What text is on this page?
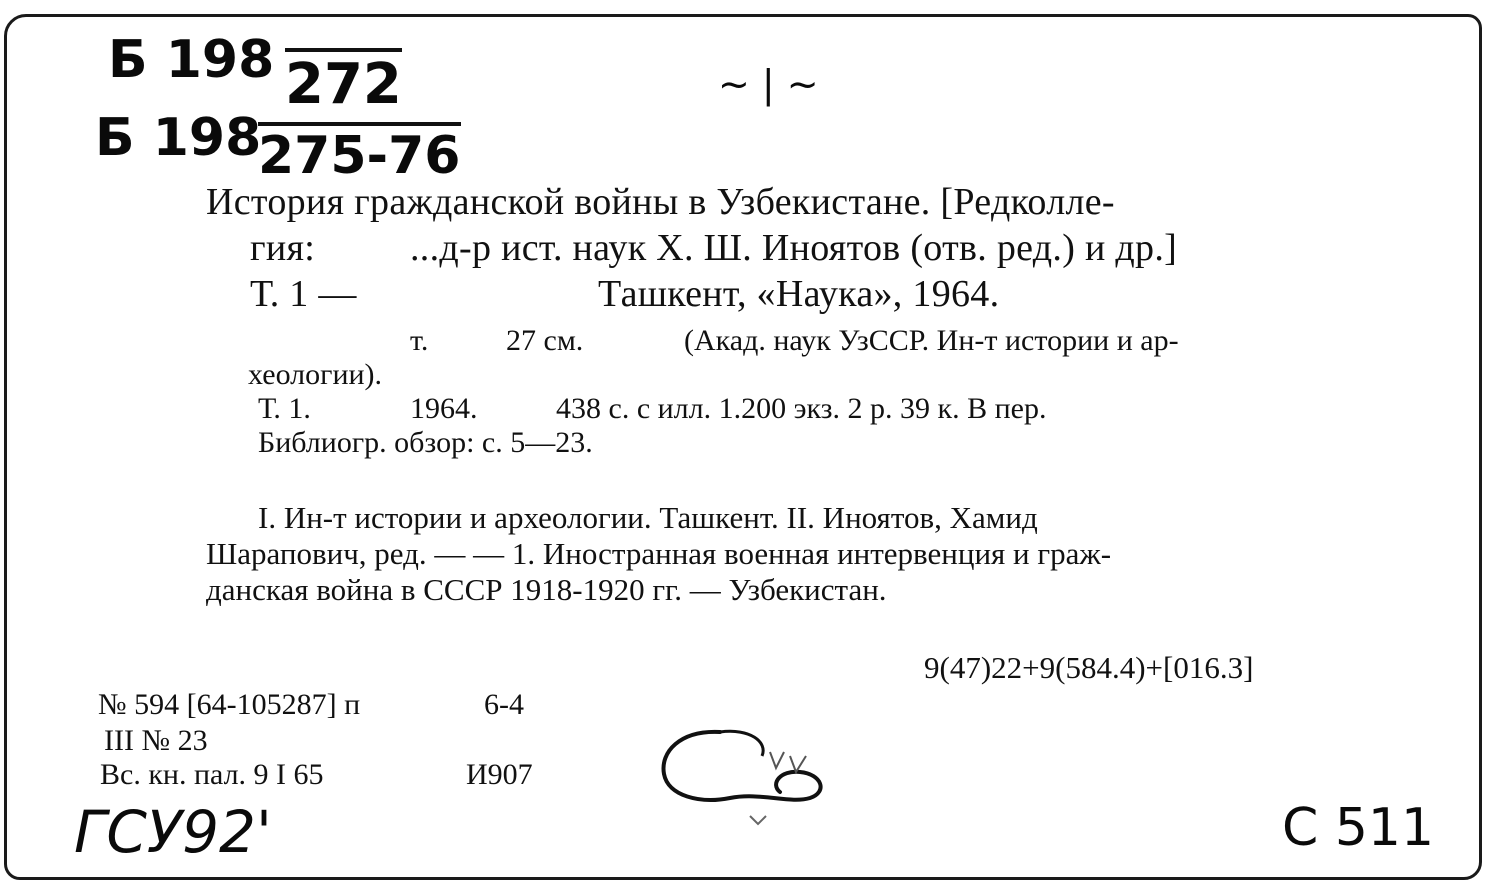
Б 198 272
Б 198
275-76
~ | ~
История гражданской войны в Узбекистане. [Редколле-
гия: ...д-р ист. наук Х. Ш. Иноятов (отв. ред.) и др.]
Т. 1 —	Ташкент, «Наука», 1964.
т.	27 см.	(Акад. наук УзССР. Ин-т истории и ар-
хеологии).
Т. 1.	1964.	438 с. с илл. 1.200 экз. 2 р. 39 к. В пер.
Библиогр. обзор: с. 5—23.
I. Ин-т истории и археологии. Ташкент. II. Иноятов, Хамид
Шарапович, ред. — — 1. Иностранная военная интервенция и граж-
данская война в СССР 1918-1920 гг. — Узбекистан.
9(47)22+9(584.4)+[016.3]
№ 594 [64-105287] п	6-4
III № 23
Вс. кн. пал. 9 I 65	И907
ГСУ92'	С 511
